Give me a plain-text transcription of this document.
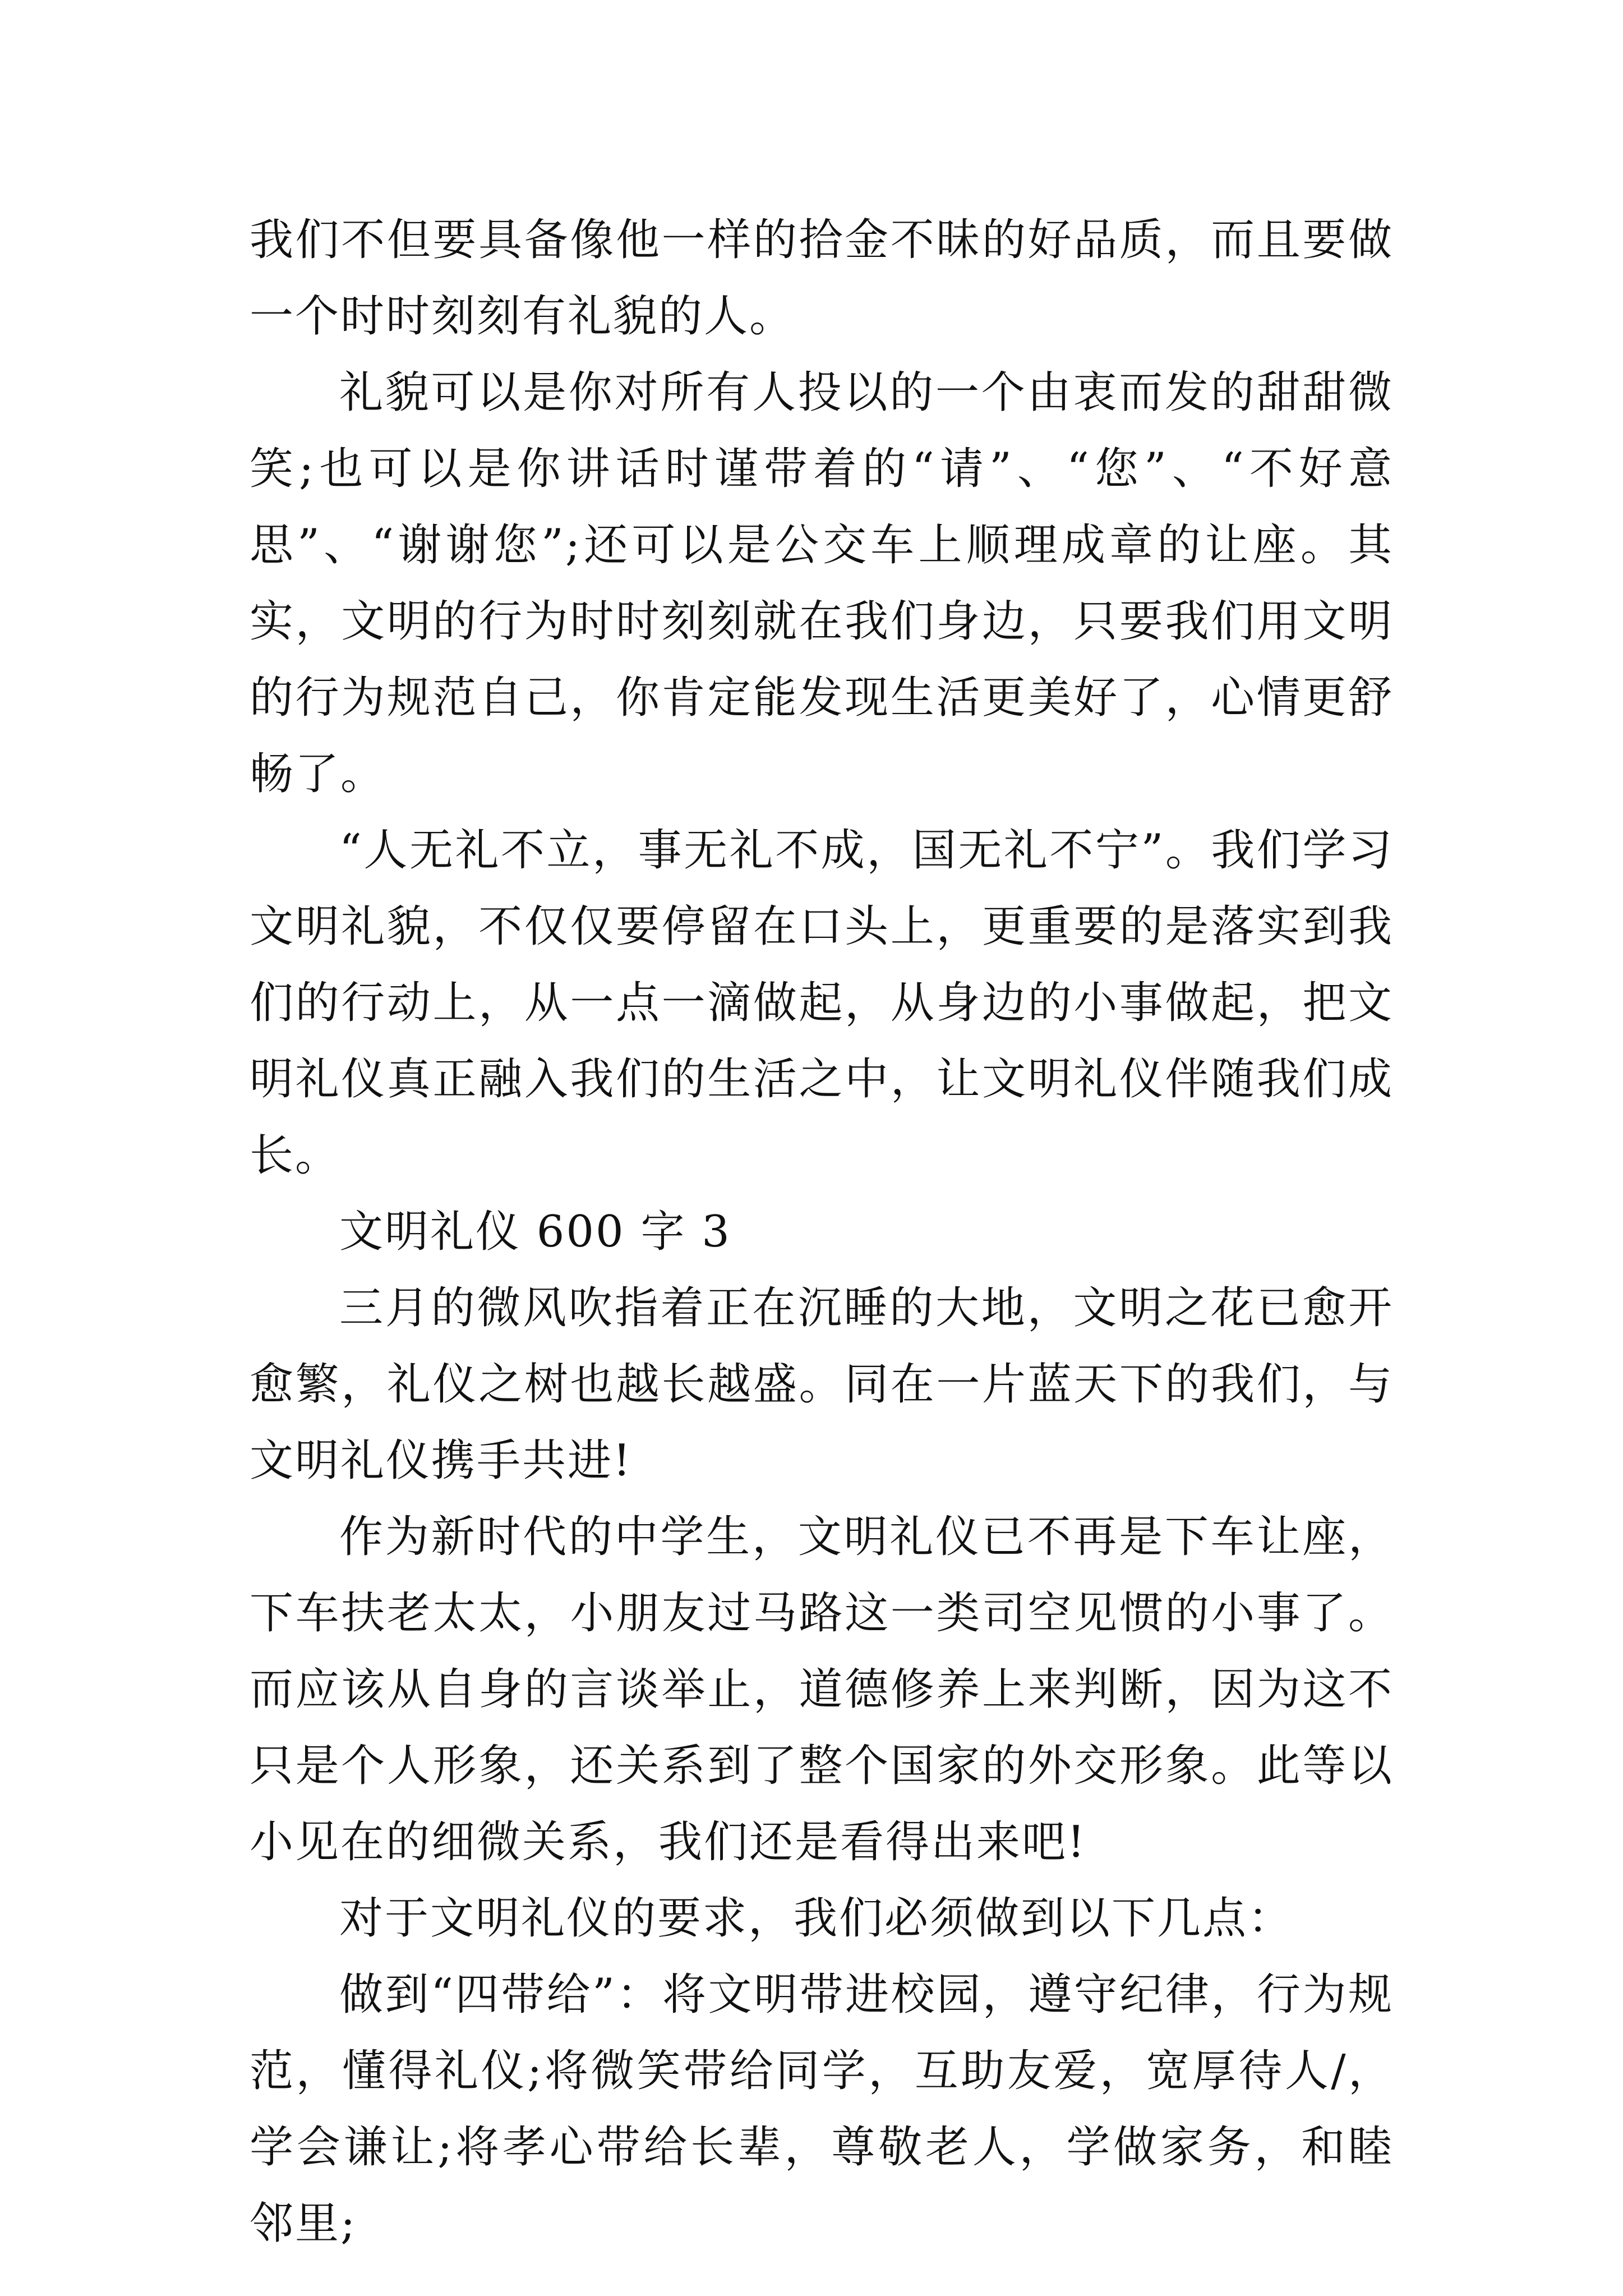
我们不但要具备像他一样的拾金不昧的好品质，而且要做一个时时刻刻有礼貌的人。

礼貌可以是你对所有人投以的一个由衷而发的甜甜微笑;也可以是你讲话时谨带着的“请”、“您”、“不好意思”、“谢谢您”;还可以是公交车上顺理成章的让座。其实，文明的行为时时刻刻就在我们身边，只要我们用文明的行为规范自己，你肯定能发现生活更美好了，心情更舒畅了。

“人无礼不立，事无礼不成，国无礼不宁”。我们学习文明礼貌，不仅仅要停留在口头上，更重要的是落实到我们的行动上，从一点一滴做起，从身边的小事做起，把文明礼仪真正融入我们的生活之中，让文明礼仪伴随我们成长。

文明礼仪 600 字 3

三月的微风吹指着正在沉睡的大地，文明之花已愈开愈繁，礼仪之树也越长越盛。同在一片蓝天下的我们，与文明礼仪携手共进!

作为新时代的中学生，文明礼仪已不再是下车让座，下车扶老太太，小朋友过马路这一类司空见惯的小事了。而应该从自身的言谈举止，道德修养上来判断，因为这不只是个人形象，还关系到了整个国家的外交形象。此等以小见在的细微关系，我们还是看得出来吧!

对于文明礼仪的要求，我们必须做到以下几点：

做到“四带给”：将文明带进校园，遵守纪律，行为规范，懂得礼仪;将微笑带给同学，互助友爱，宽厚待人/，学会谦让;将孝心带给长辈，尊敬老人，学做家务，和睦邻里;
